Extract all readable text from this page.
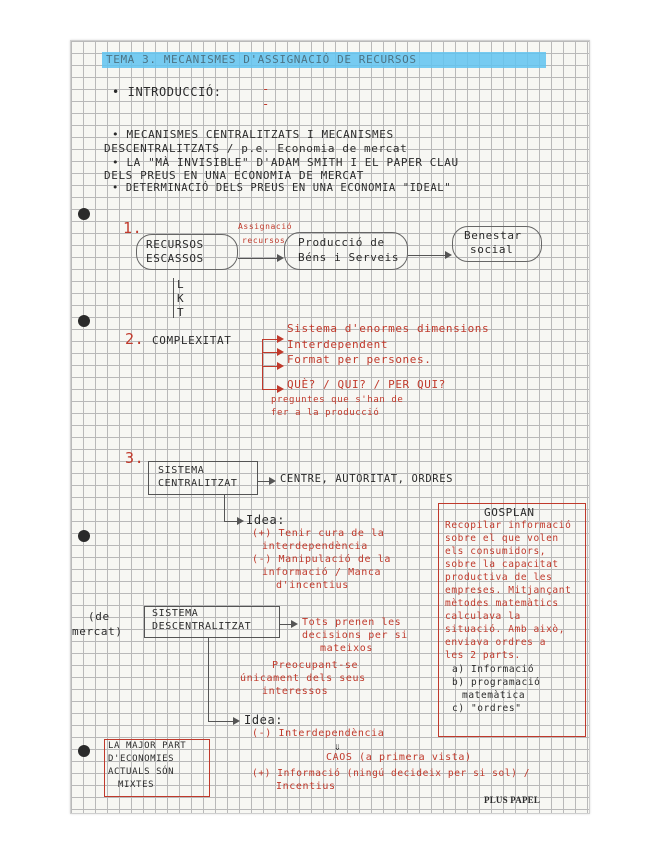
TEMA 3. MECANISMES D'ASSIGNACIÓ DE RECURSOS
• INTRODUCCIÓ:	-
-
• MECANISMES CENTRALITZATS I MECANISMES
DESCENTRALITZATS / p.e. Economia de mercat
• LA "MÀ INVISIBLE" D'ADAM SMITH I EL PAPER CLAU
DELS PREUS EN UNA ECONOMIA DE MERCAT
• DETERMINACIÓ DELS PREUS EN UNA ECONOMIA "IDEAL"
1.
RECURSOS
ESCASSOS
Assignació
recursos Producció de
Béns i Serveis
Benestar
social
L
K
T
2. COMPLEXITAT
Sistema d'enormes dimensions
Interdependent
Format per persones.
QUÈ? / QUI? / PER QUI?
preguntes que s'han de
fer a la producció
3.
SISTEMA
CENTRALITZAT	CENTRE, AUTORITAT, ORDRES
Idea:
(+) Tenir cura de la
interdependència
(-) Manipulació de la
informació / Manca
d'incentius
GOSPLAN
Recopilar informació
sobre el que volen
els consumidors,
sobre la capacitat
productiva de les
empreses. Mitjançant
mètodes matemàtics
calculava la
situació. Amb això,
enviava ordres a
les 2 parts.
a) Informació
b) programació
matemàtica
c) "ordres"
(de
mercat)
SISTEMA
DESCENTRALITZAT	Tots prenen les
decisions per si
mateixos
Preocupant-se
únicament dels seus
interessos
Idea:
(-) Interdependència
⇓
CAOS (a primera vista)
(+) Informació (ningú decideix per si sol) /
Incentius
LA MAJOR PART
D'ECONOMIES
ACTUALS SÓN
MIXTES
PLUS PAPEL
